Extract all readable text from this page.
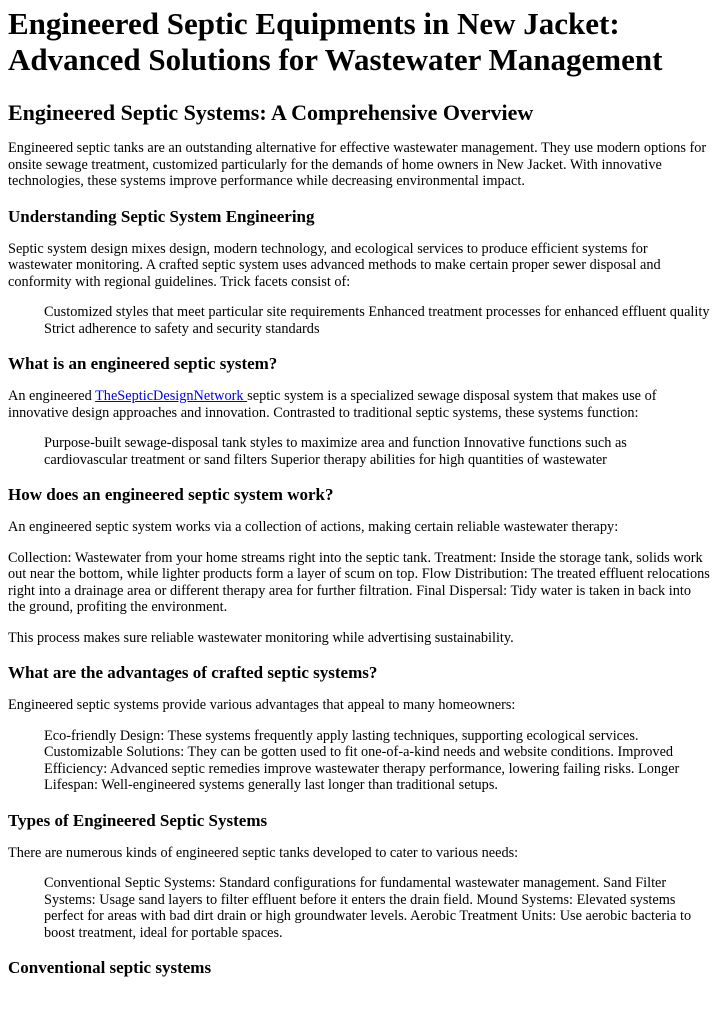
Engineered Septic Equipments in New Jacket: Advanced Solutions for Wastewater Management
Engineered Septic Systems: A Comprehensive Overview

Engineered septic tanks are an outstanding alternative for effective wastewater management. They use modern options for onsite sewage treatment, customized particularly for the demands of home owners in New Jacket. With innovative technologies, these systems improve performance while decreasing environmental impact.

Understanding Septic System Engineering

Septic system design mixes design, modern technology, and ecological services to produce efficient systems for wastewater monitoring. A crafted septic system uses advanced methods to make certain proper sewer disposal and conformity with regional guidelines. Trick facets consist of:

Customized styles that meet particular site requirements Enhanced treatment processes for enhanced effluent quality Strict adherence to safety and security standards
What is an engineered septic system?

An engineered TheSepticDesignNetwork septic system is a specialized sewage disposal system that makes use of innovative design approaches and innovation. Contrasted to traditional septic systems, these systems function:

Purpose-built sewage-disposal tank styles to maximize area and function Innovative functions such as cardiovascular treatment or sand filters Superior therapy abilities for high quantities of wastewater
How does an engineered septic system work?

An engineered septic system works via a collection of actions, making certain reliable wastewater therapy:

Collection: Wastewater from your home streams right into the septic tank. Treatment: Inside the storage tank, solids work out near the bottom, while lighter products form a layer of scum on top. Flow Distribution: The treated effluent relocations right into a drainage area or different therapy area for further filtration. Final Dispersal: Tidy water is taken in back into the ground, profiting the environment.

This process makes sure reliable wastewater monitoring while advertising sustainability.

What are the advantages of crafted septic systems?

Engineered septic systems provide various advantages that appeal to many homeowners:

Eco-friendly Design: These systems frequently apply lasting techniques, supporting ecological services. Customizable Solutions: They can be gotten used to fit one-of-a-kind needs and website conditions. Improved Efficiency: Advanced septic remedies improve wastewater therapy performance, lowering failing risks. Longer Lifespan: Well-engineered systems generally last longer than traditional setups.
Types of Engineered Septic Systems

There are numerous kinds of engineered septic tanks developed to cater to various needs:

Conventional Septic Systems: Standard configurations for fundamental wastewater management. Sand Filter Systems: Usage sand layers to filter effluent before it enters the drain field. Mound Systems: Elevated systems perfect for areas with bad dirt drain or high groundwater levels. Aerobic Treatment Units: Use aerobic bacteria to boost treatment, ideal for portable spaces.
Conventional septic systems
